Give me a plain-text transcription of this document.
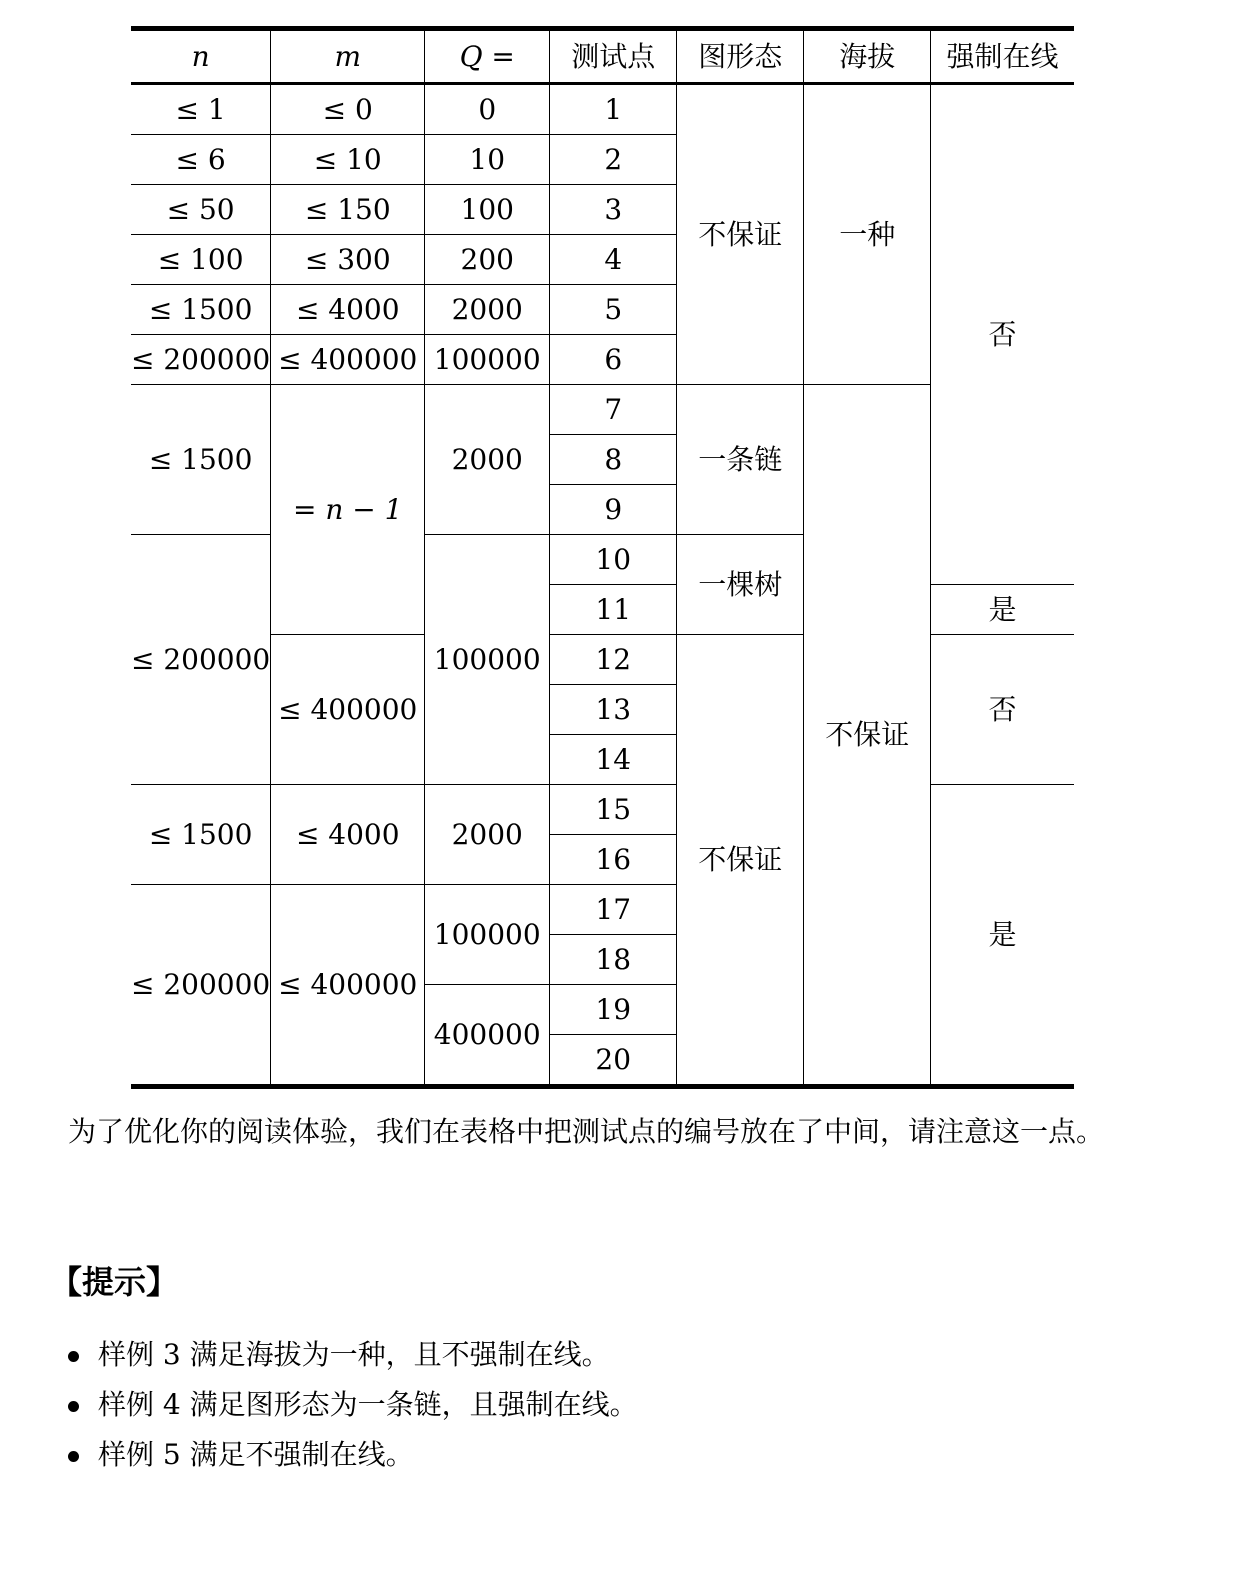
n	m	Q =	测试点	图形态	海拔	强制在线
≤ 1	≤ 0	0	1	不保证	一种	否
≤ 6	≤ 10	10	2			
≤ 50	≤ 150	100	3			
≤ 100	≤ 300	200	4			
≤ 1500	≤ 4000	2000	5			
≤ 200000	≤ 400000	100000	6			
≤ 1500	= n − 1	2000	7	一条链	不保证	
			8			
			9			
≤ 200000		100000	10	一棵树		
			11			是
	≤ 400000		12	不保证		否
			13			
			14			
≤ 1500	≤ 4000	2000	15			是
			16			
≤ 200000	≤ 400000	100000	17			
			18			
		400000	19			
			20			

为了优化你的阅读体验，我们在表格中把测试点的编号放在了中间，请注意这一点。

【提示】
样例 3 满足海拔为一种，且不强制在线。
样例 4 满足图形态为一条链，且强制在线。
样例 5 满足不强制在线。
